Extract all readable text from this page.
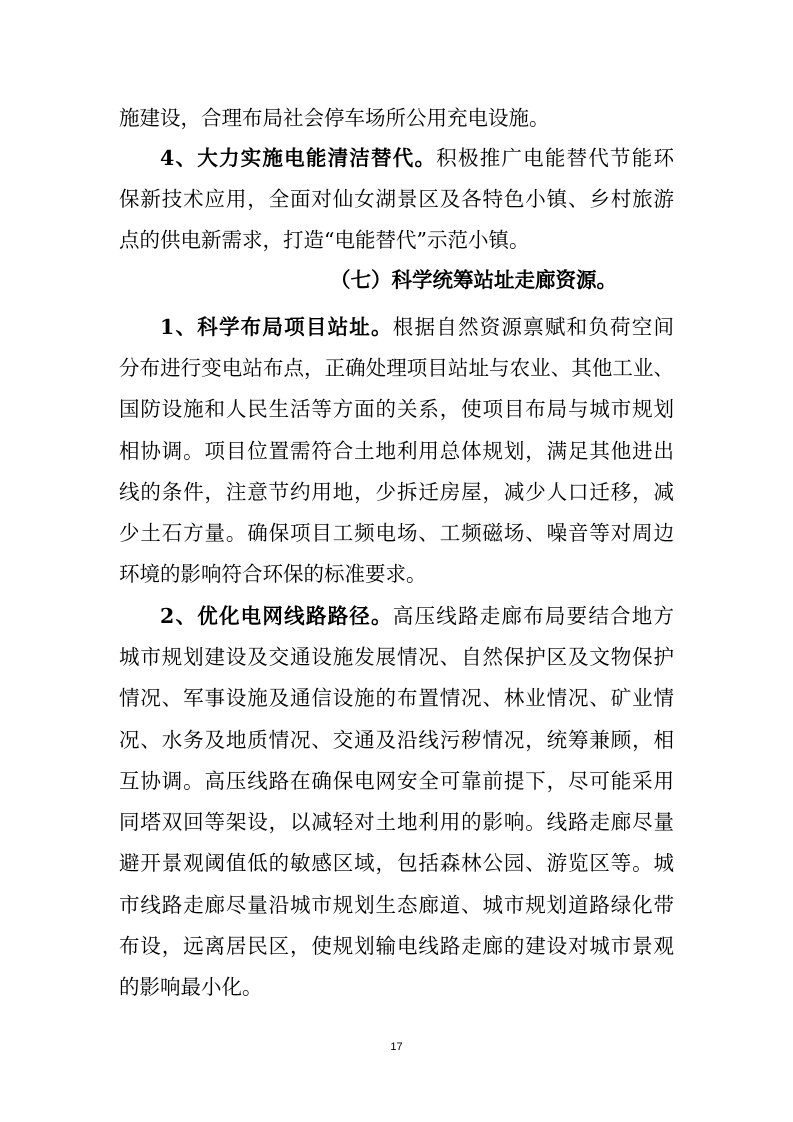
施建设，合理布局社会停车场所公用充电设施。
4、大力实施电能清洁替代。积极推广电能替代节能环
保新技术应用，全面对仙女湖景区及各特色小镇、乡村旅游
点的供电新需求，打造“电能替代”示范小镇。
（七）科学统筹站址走廊资源。
1、科学布局项目站址。根据自然资源禀赋和负荷空间
分布进行变电站布点，正确处理项目站址与农业、其他工业、
国防设施和人民生活等方面的关系，使项目布局与城市规划
相协调。项目位置需符合土地利用总体规划，满足其他进出
线的条件，注意节约用地，少拆迁房屋，减少人口迁移，减
少土石方量。确保项目工频电场、工频磁场、噪音等对周边
环境的影响符合环保的标准要求。
2、优化电网线路路径。高压线路走廊布局要结合地方
城市规划建设及交通设施发展情况、自然保护区及文物保护
情况、军事设施及通信设施的布置情况、林业情况、矿业情
况、水务及地质情况、交通及沿线污秽情况，统筹兼顾，相
互协调。高压线路在确保电网安全可靠前提下，尽可能采用
同塔双回等架设，以减轻对土地利用的影响。线路走廊尽量
避开景观阈值低的敏感区域，包括森林公园、游览区等。城
市线路走廊尽量沿城市规划生态廊道、城市规划道路绿化带
布设，远离居民区，使规划输电线路走廊的建设对城市景观
的影响最小化。
17
